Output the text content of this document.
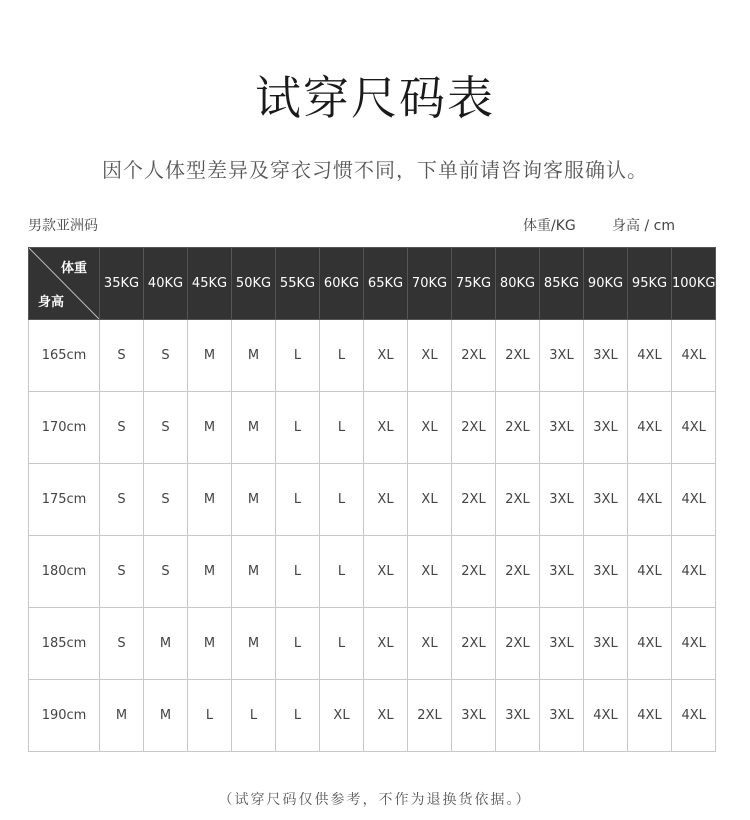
试穿尺码表
因个人体型差异及穿衣习惯不同，下单前请咨询客服确认。
男款亚洲码	体重/KG	身高 / cm
体重
身高	35KG	40KG	45KG	50KG	55KG	60KG	65KG	70KG	75KG	80KG	85KG	90KG	95KG	100KG
165cm	S	S	M	M	L	L	XL	XL	2XL	2XL	3XL	3XL	4XL	4XL
170cm	S	S	M	M	L	L	XL	XL	2XL	2XL	3XL	3XL	4XL	4XL
175cm	S	S	M	M	L	L	XL	XL	2XL	2XL	3XL	3XL	4XL	4XL
180cm	S	S	M	M	L	L	XL	XL	2XL	2XL	3XL	3XL	4XL	4XL
185cm	S	M	M	M	L	L	XL	XL	2XL	2XL	3XL	3XL	4XL	4XL
190cm	M	M	L	L	L	XL	XL	2XL	3XL	3XL	3XL	4XL	4XL	4XL
（试穿尺码仅供参考，不作为退换货依据。）
